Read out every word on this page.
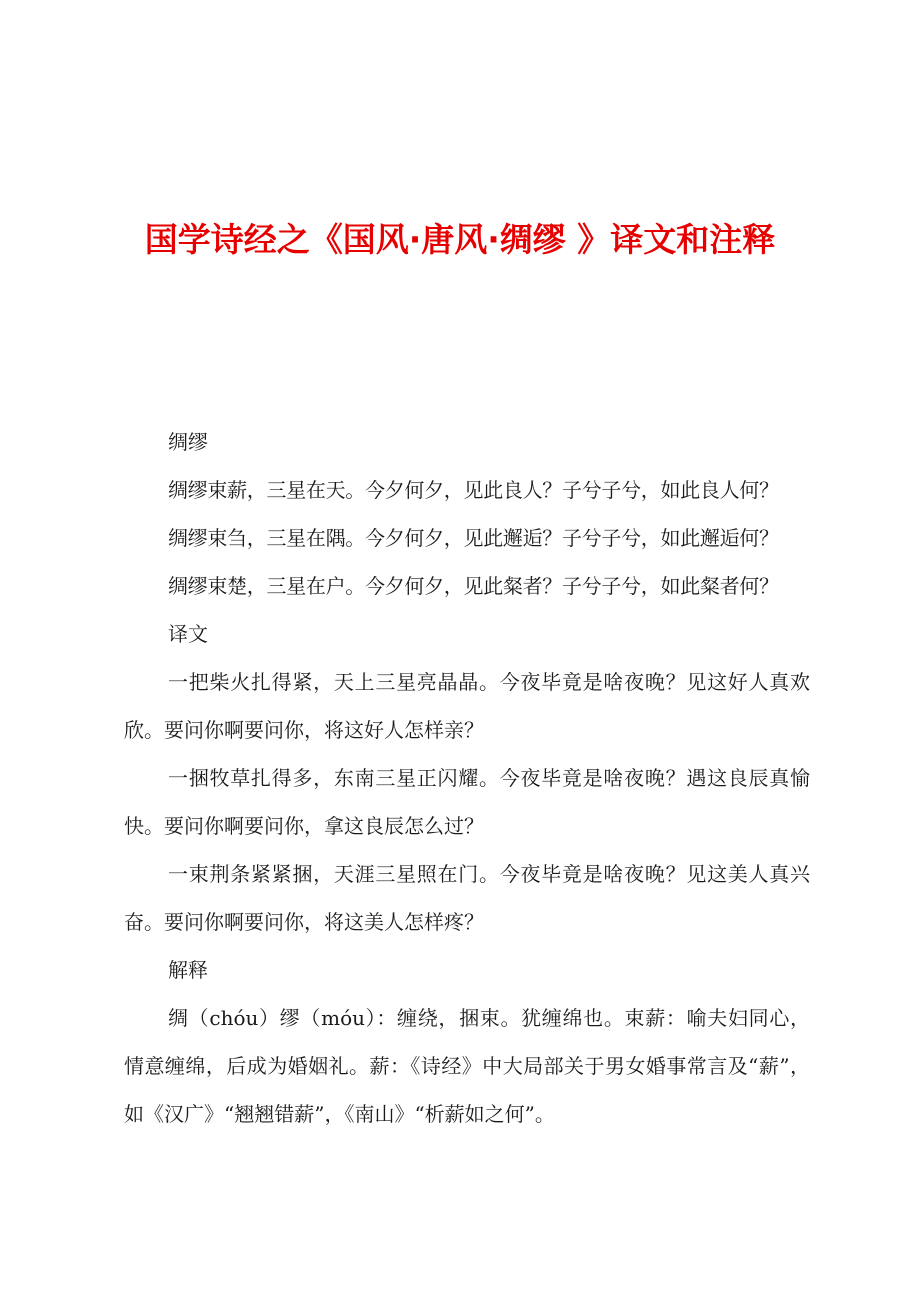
国学诗经之《国风·唐风·绸缪 》译文和注释

绸缪

绸缪束薪，三星在天。今夕何夕，见此良人？子兮子兮，如此良人何？

绸缪束刍，三星在隅。今夕何夕，见此邂逅？子兮子兮，如此邂逅何？

绸缪束楚，三星在户。今夕何夕，见此粲者？子兮子兮，如此粲者何？

译文

一把柴火扎得紧，天上三星亮晶晶。今夜毕竟是啥夜晚？见这好人真欢欣。要问你啊要问你，将这好人怎样亲？

一捆牧草扎得多，东南三星正闪耀。今夜毕竟是啥夜晚？遇这良辰真愉快。要问你啊要问你，拿这良辰怎么过？

一束荆条紧紧捆，天涯三星照在门。今夜毕竟是啥夜晚？见这美人真兴奋。要问你啊要问你，将这美人怎样疼？

解释

绸（chóu）缪（móu）：缠绕，捆束。犹缠绵也。束薪：喻夫妇同心，情意缠绵，后成为婚姻礼。薪：《诗经》中大局部关于男女婚事常言及“薪”，如《汉广》“翘翘错薪”，《南山》“析薪如之何”。
